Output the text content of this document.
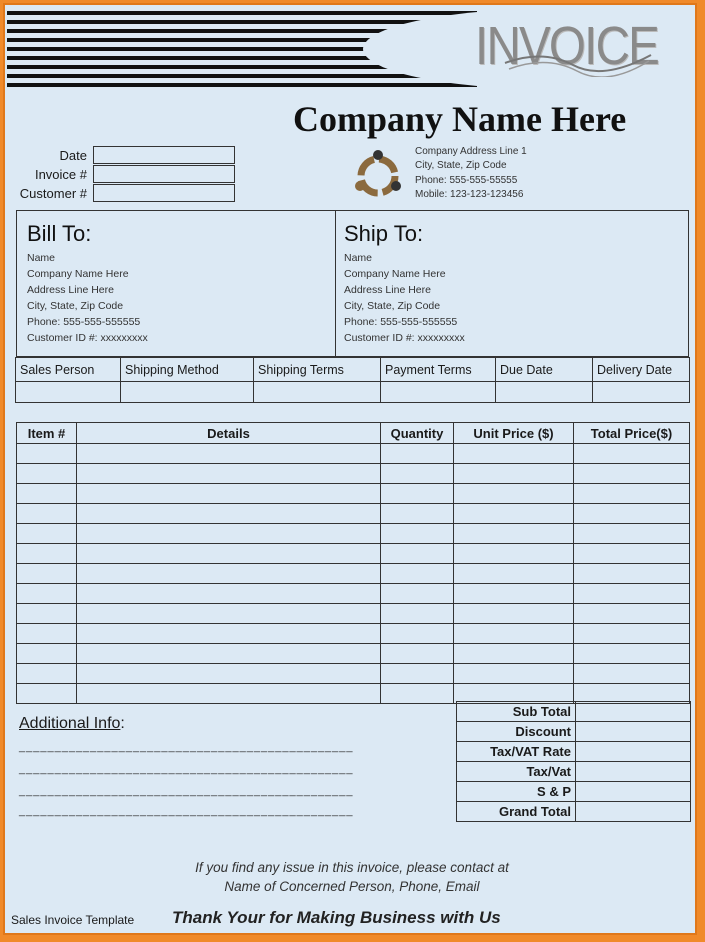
INVOICE
Company Name Here
Date
Invoice #
Customer #
Company Address Line 1
City, State, Zip Code
Phone: 555-555-55555
Mobile: 123-123-123456
Bill To:
Name
Company Name Here
Address Line Here
City, State, Zip Code
Phone: 555-555-555555
Customer ID #: xxxxxxxxx
Ship To:
Name
Company Name Here
Address Line Here
City, State, Zip Code
Phone: 555-555-555555
Customer ID #: xxxxxxxxx
Sales Person	Shipping Method	Shipping Terms	Payment Terms	Due Date	Delivery Date

Item #	Details	Quantity	Unit Price ($)	Total Price($)

Sub Total	
Discount	
Tax/VAT Rate	
Tax/Vat	
S & P	
Grand Total	
Additional Info:
_______________________________________________
_______________________________________________
_______________________________________________
_______________________________________________
If you find any issue in this invoice, please contact at
Name of Concerned Person, Phone, Email
Sales Invoice Template Thank Your for Making Business with Us
